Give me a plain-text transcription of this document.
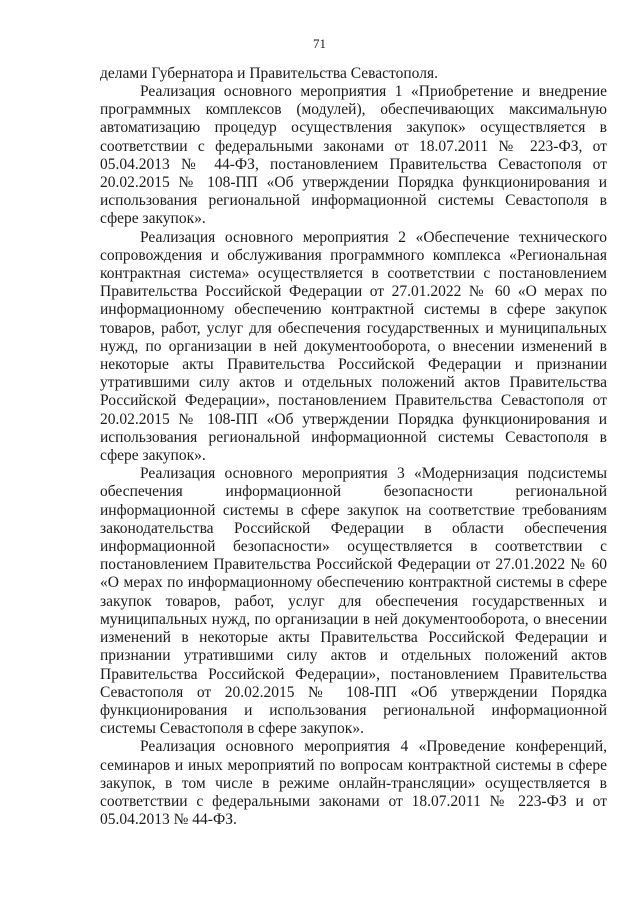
71

делами Губернатора и Правительства Севастополя.

Реализация основного мероприятия 1 «Приобретение и внедрение программных комплексов (модулей), обеспечивающих максимальную автоматизацию процедур осуществления закупок» осуществляется в соответствии с федеральными законами от 18.07.2011 № 223-ФЗ, от 05.04.2013 № 44-ФЗ, постановлением Правительства Севастополя от 20.02.2015 № 108-ПП «Об утверждении Порядка функционирования и использования региональной информационной системы Севастополя в сфере закупок».

Реализация основного мероприятия 2 «Обеспечение технического сопровождения и обслуживания программного комплекса «Региональная контрактная система» осуществляется в соответствии с постановлением Правительства Российской Федерации от 27.01.2022 № 60 «О мерах по информационному обеспечению контрактной системы в сфере закупок товаров, работ, услуг для обеспечения государственных и муниципальных нужд, по организации в ней документооборота, о внесении изменений в некоторые акты Правительства Российской Федерации и признании утратившими силу актов и отдельных положений актов Правительства Российской Федерации», постановлением Правительства Севастополя от 20.02.2015 № 108-ПП «Об утверждении Порядка функционирования и использования региональной информационной системы Севастополя в сфере закупок».

Реализация основного мероприятия 3 «Модернизация подсистемы обеспечения информационной безопасности региональной информационной системы в сфере закупок на соответствие требованиям законодательства Российской Федерации в области обеспечения информационной безопасности» осуществляется в соответствии с постановлением Правительства Российской Федерации от 27.01.2022 № 60 «О мерах по информационному обеспечению контрактной системы в сфере закупок товаров, работ, услуг для обеспечения государственных и муниципальных нужд, по организации в ней документооборота, о внесении изменений в некоторые акты Правительства Российской Федерации и признании утратившими силу актов и отдельных положений актов Правительства Российской Федерации», постановлением Правительства Севастополя от 20.02.2015 № 108-ПП «Об утверждении Порядка функционирования и использования региональной информационной системы Севастополя в сфере закупок».

Реализация основного мероприятия 4 «Проведение конференций, семинаров и иных мероприятий по вопросам контрактной системы в сфере закупок, в том числе в режиме онлайн-трансляции» осуществляется в соответствии с федеральными законами от 18.07.2011 № 223-ФЗ и от 05.04.2013 № 44-ФЗ.
